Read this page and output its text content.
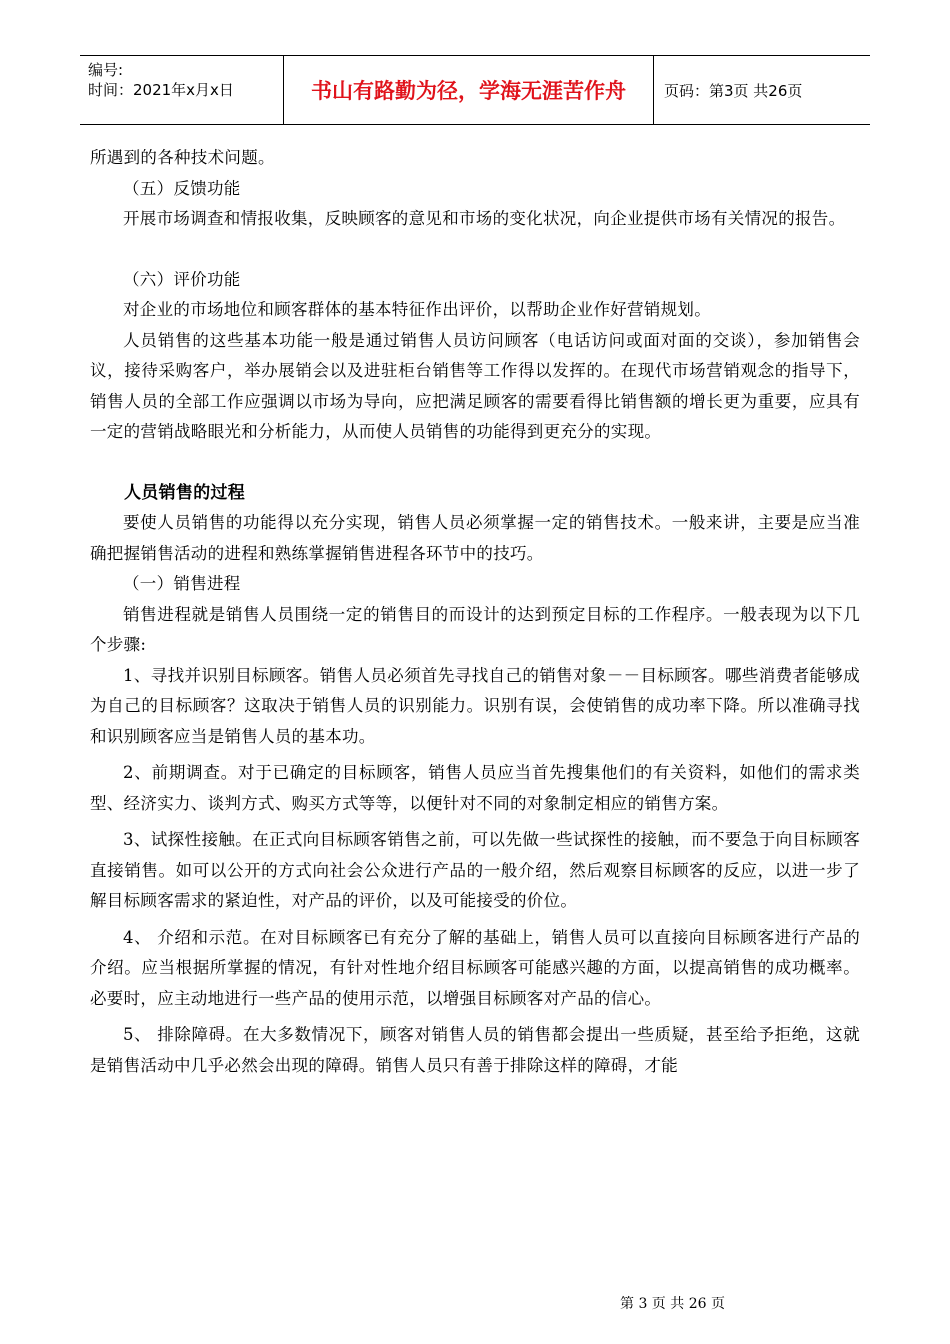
编号:
时间：2021年x月x日	书山有路勤为径，学海无涯苦作舟	页码：第3页 共26页

所遇到的各种技术问题。

（五）反馈功能

开展市场调查和情报收集，反映顾客的意见和市场的变化状况，向企业提供市场有关情况的报告。

（六）评价功能

对企业的市场地位和顾客群体的基本特征作出评价，以帮助企业作好营销规划。

人员销售的这些基本功能一般是通过销售人员访问顾客（电话访问或面对面的交谈），参加销售会议，接待采购客户，举办展销会以及进驻柜台销售等工作得以发挥的。在现代市场营销观念的指导下，销售人员的全部工作应强调以市场为导向，应把满足顾客的需要看得比销售额的增长更为重要，应具有一定的营销战略眼光和分析能力，从而使人员销售的功能得到更充分的实现。

人员销售的过程

要使人员销售的功能得以充分实现，销售人员必须掌握一定的销售技术。一般来讲，主要是应当准确把握销售活动的进程和熟练掌握销售进程各环节中的技巧。

（一）销售进程

销售进程就是销售人员围绕一定的销售目的而设计的达到预定目标的工作程序。一般表现为以下几个步骤:

1、寻找并识别目标顾客。销售人员必须首先寻找自己的销售对象－－目标顾客。哪些消费者能够成为自己的目标顾客？这取决于销售人员的识别能力。识别有误，会使销售的成功率下降。所以准确寻找和识别顾客应当是销售人员的基本功。

2、前期调查。对于已确定的目标顾客，销售人员应当首先搜集他们的有关资料，如他们的需求类型、经济实力、谈判方式、购买方式等等，以便针对不同的对象制定相应的销售方案。

3、试探性接触。在正式向目标顾客销售之前，可以先做一些试探性的接触，而不要急于向目标顾客直接销售。如可以公开的方式向社会公众进行产品的一般介绍，然后观察目标顾客的反应，以进一步了解目标顾客需求的紧迫性，对产品的评价，以及可能接受的价位。

4、 介绍和示范。在对目标顾客已有充分了解的基础上，销售人员可以直接向目标顾客进行产品的介绍。应当根据所掌握的情况，有针对性地介绍目标顾客可能感兴趣的方面，以提高销售的成功概率。必要时，应主动地进行一些产品的使用示范，以增强目标顾客对产品的信心。

5、 排除障碍。在大多数情况下，顾客对销售人员的销售都会提出一些质疑，甚至给予拒绝，这就是销售活动中几乎必然会出现的障碍。销售人员只有善于排除这样的障碍，才能

第 3 页 共 26 页
